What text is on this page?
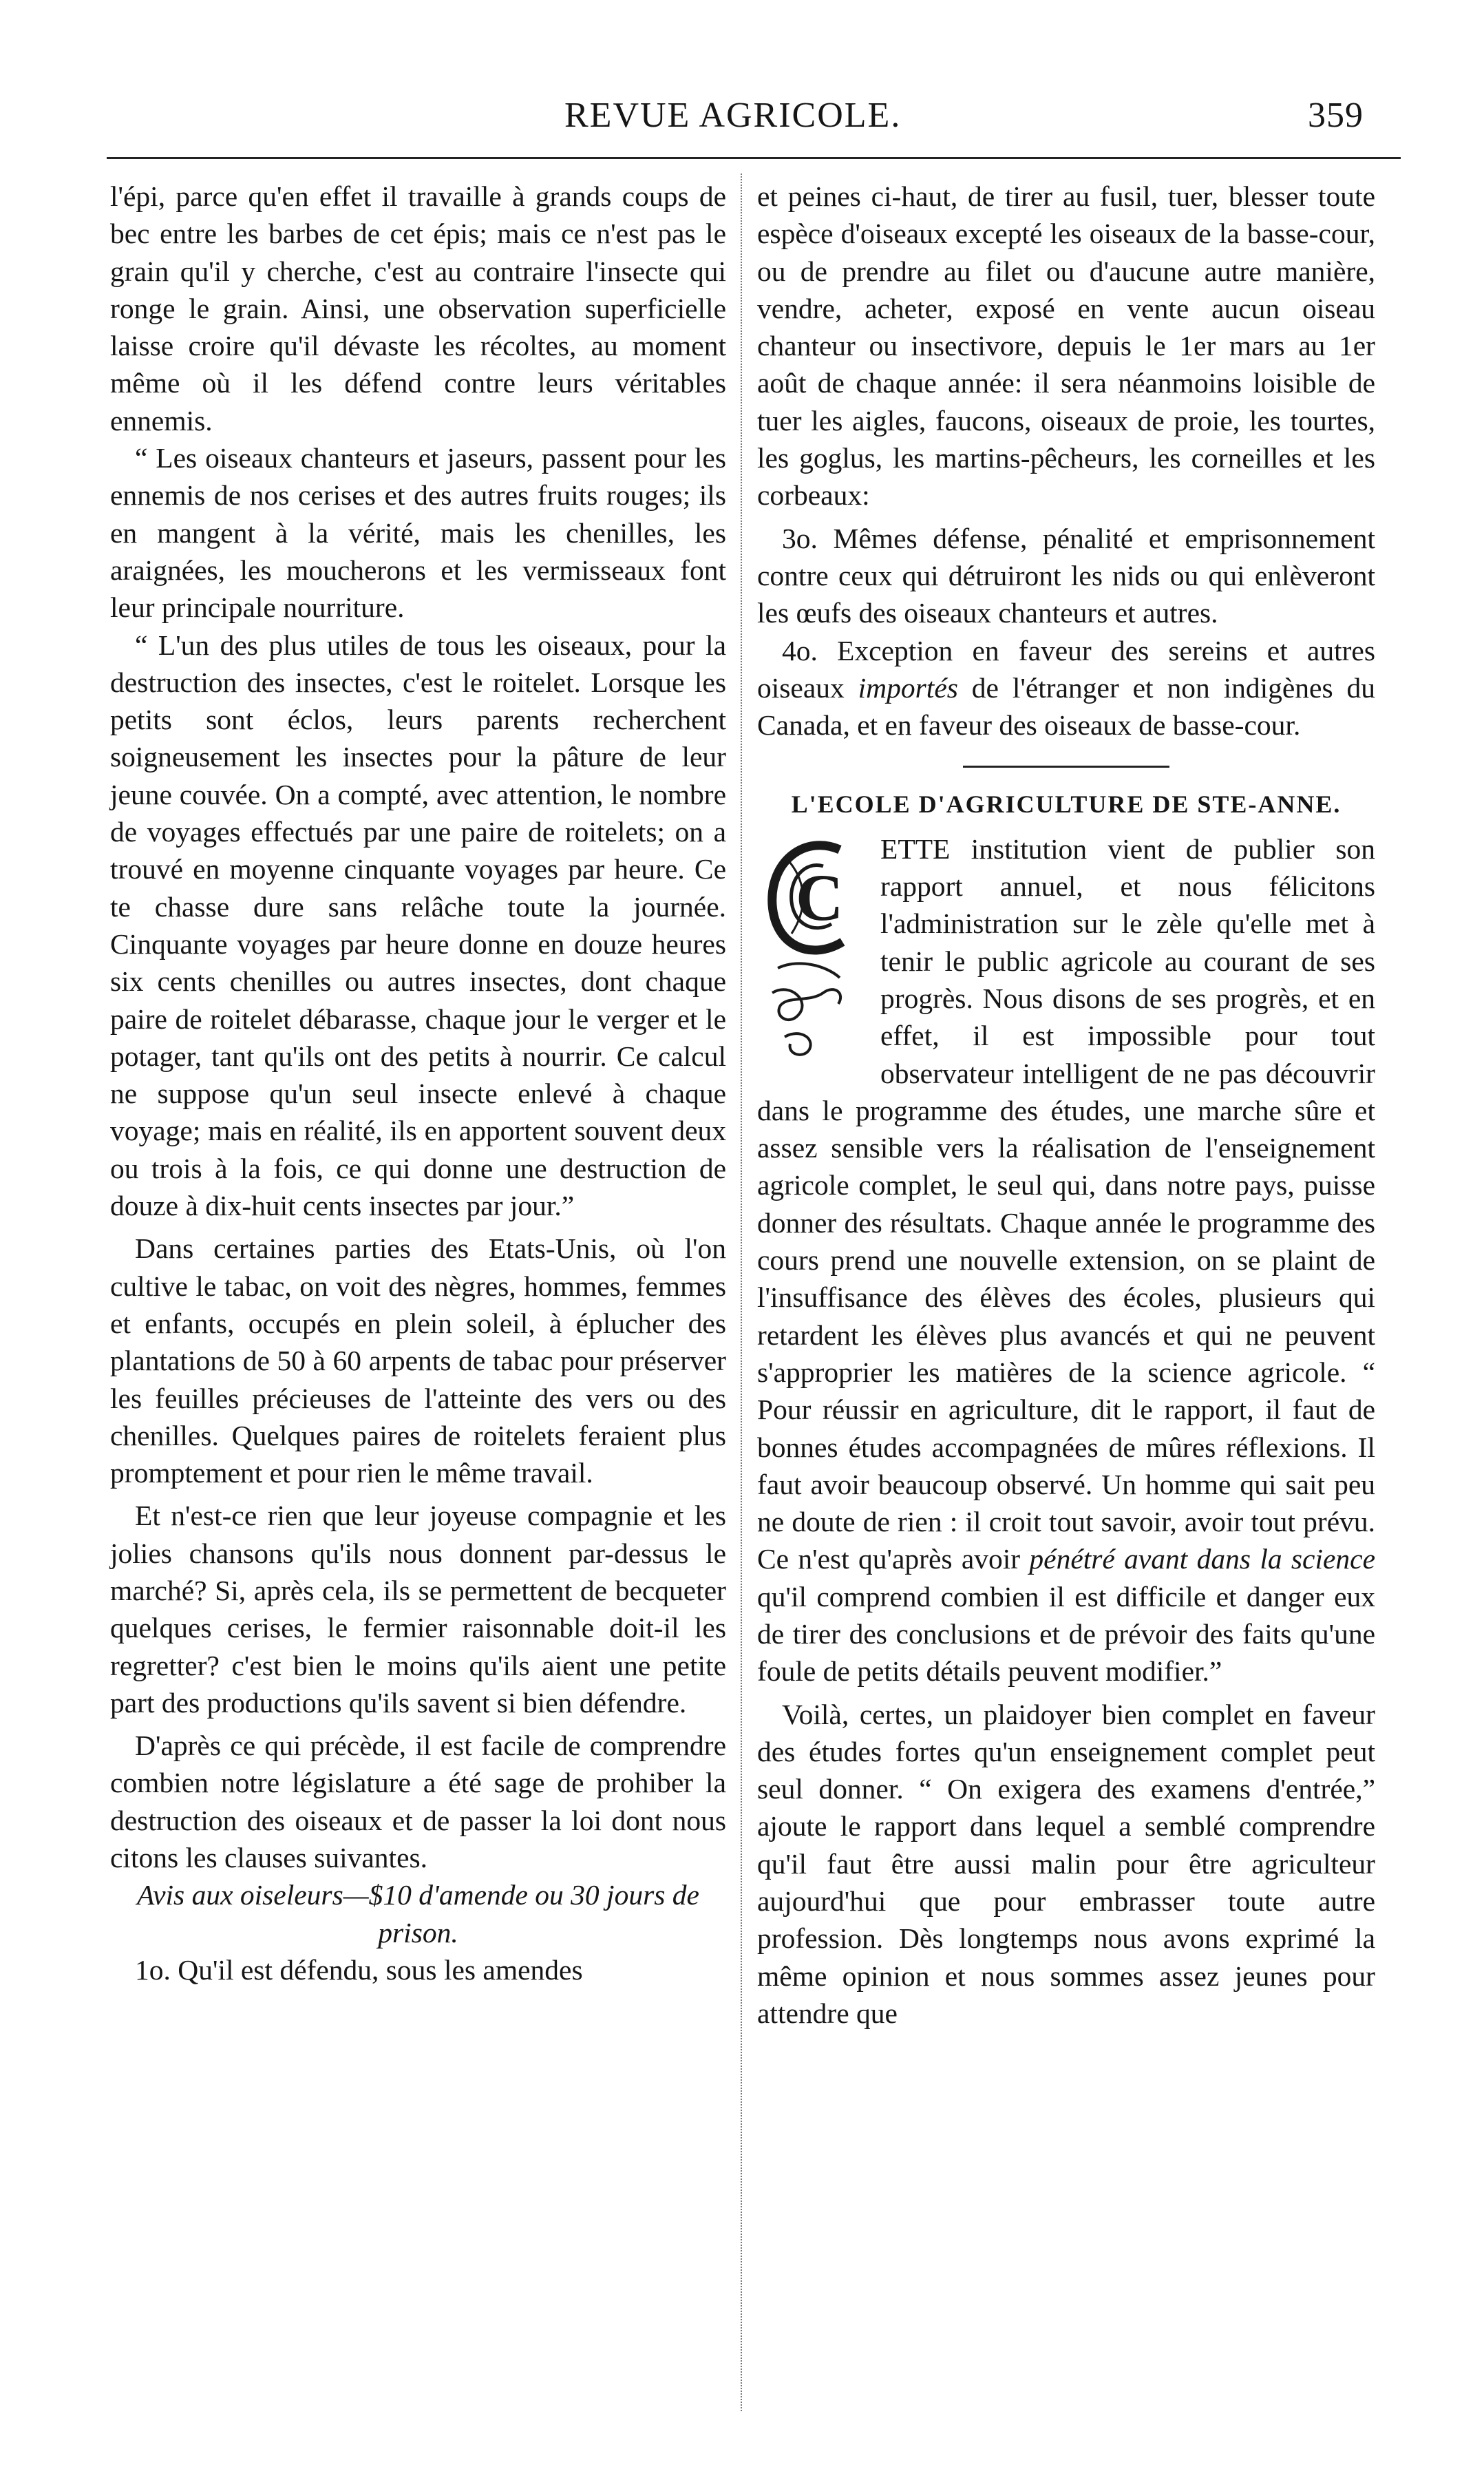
REVUE AGRICOLE.	359

l'épi, parce qu'en effet il travaille à grands coups de bec entre les barbes de cet épis; mais ce n'est pas le grain qu'il y cherche, c'est au contraire l'insecte qui ronge le grain. Ainsi, une observation superficielle laisse croire qu'il dévaste les récoltes, au moment même où il les défend contre leurs véritables ennemis.

“ Les oiseaux chanteurs et jaseurs, passent pour les ennemis de nos cerises et des autres fruits rouges; ils en mangent à la vérité, mais les chenilles, les araignées, les moucherons et les vermisseaux font leur principale nourriture.

“ L'un des plus utiles de tous les oiseaux, pour la destruction des insectes, c'est le roitelet. Lorsque les petits sont éclos, leurs parents recherchent soigneusement les insectes pour la pâture de leur jeune couvée. On a compté, avec attention, le nombre de voyages effectués par une paire de roitelets; on a trouvé en moyenne cinquante voyages par heure. Ce te chasse dure sans relâche toute la journée. Cinquante voyages par heure donne en douze heures six cents chenilles ou autres insectes, dont chaque paire de roitelet débarasse, chaque jour le verger et le potager, tant qu'ils ont des petits à nourrir. Ce calcul ne suppose qu'un seul insecte enlevé à chaque voyage; mais en réalité, ils en apportent souvent deux ou trois à la fois, ce qui donne une destruction de douze à dix-huit cents insectes par jour.”

Dans certaines parties des Etats-Unis, où l'on cultive le tabac, on voit des nègres, hommes, femmes et enfants, occupés en plein soleil, à éplucher des plantations de 50 à 60 arpents de tabac pour préserver les feuilles précieuses de l'atteinte des vers ou des chenilles. Quelques paires de roitelets feraient plus promptement et pour rien le même travail.

Et n'est-ce rien que leur joyeuse compagnie et les jolies chansons qu'ils nous donnent par-dessus le marché? Si, après cela, ils se permettent de becqueter quelques cerises, le fermier raisonnable doit-il les regretter? c'est bien le moins qu'ils aient une petite part des productions qu'ils savent si bien défendre.

D'après ce qui précède, il est facile de comprendre combien notre législature a été sage de prohiber la destruction des oiseaux et de passer la loi dont nous citons les clauses suivantes.

Avis aux oiseleurs—$10 d'amende ou 30 jours de prison.

1o. Qu'il est défendu, sous les amendes

et peines ci-haut, de tirer au fusil, tuer, blesser toute espèce d'oiseaux excepté les oiseaux de la basse-cour, ou de prendre au filet ou d'aucune autre manière, vendre, acheter, exposé en vente aucun oiseau chanteur ou insectivore, depuis le 1er mars au 1er août de chaque année: il sera néanmoins loisible de tuer les aigles, faucons, oiseaux de proie, les tourtes, les goglus, les martins-pêcheurs, les corneilles et les corbeaux:

3o. Mêmes défense, pénalité et emprisonnement contre ceux qui détruiront les nids ou qui enlèveront les œufs des oiseaux chanteurs et autres.

4o. Exception en faveur des sereins et autres oiseaux importés de l'étranger et non indigènes du Canada, et en faveur des oiseaux de basse-cour.

L'ECOLE D'AGRICULTURE DE STE-ANNE.

C

ETTE institution vient de publier son rapport annuel, et nous félicitons l'administration sur le zèle qu'elle met à tenir le public agricole au courant de ses progrès. Nous disons de ses progrès, et en effet, il est impossible pour tout observateur intelligent de ne pas découvrir dans le programme des études, une marche sûre et assez sensible vers la réalisation de l'enseignement agricole complet, le seul qui, dans notre pays, puisse donner des résultats. Chaque année le programme des cours prend une nouvelle extension, on se plaint de l'insuffisance des élèves des écoles, plusieurs qui retardent les élèves plus avancés et qui ne peuvent s'approprier les matières de la science agricole. “ Pour réussir en agriculture, dit le rapport, il faut de bonnes études accompagnées de mûres réflexions. Il faut avoir beaucoup observé. Un homme qui sait peu ne doute de rien : il croit tout savoir, avoir tout prévu. Ce n'est qu'après avoir pénétré avant dans la science qu'il comprend combien il est difficile et danger eux de tirer des conclusions et de prévoir des faits qu'une foule de petits détails peuvent modifier.”

Voilà, certes, un plaidoyer bien complet en faveur des études fortes qu'un enseignement complet peut seul donner. “ On exigera des examens d'entrée,” ajoute le rapport dans lequel a semblé comprendre qu'il faut être aussi malin pour être agriculteur aujourd'hui que pour embrasser toute autre profession. Dès longtemps nous avons exprimé la même opinion et nous sommes assez jeunes pour attendre que
